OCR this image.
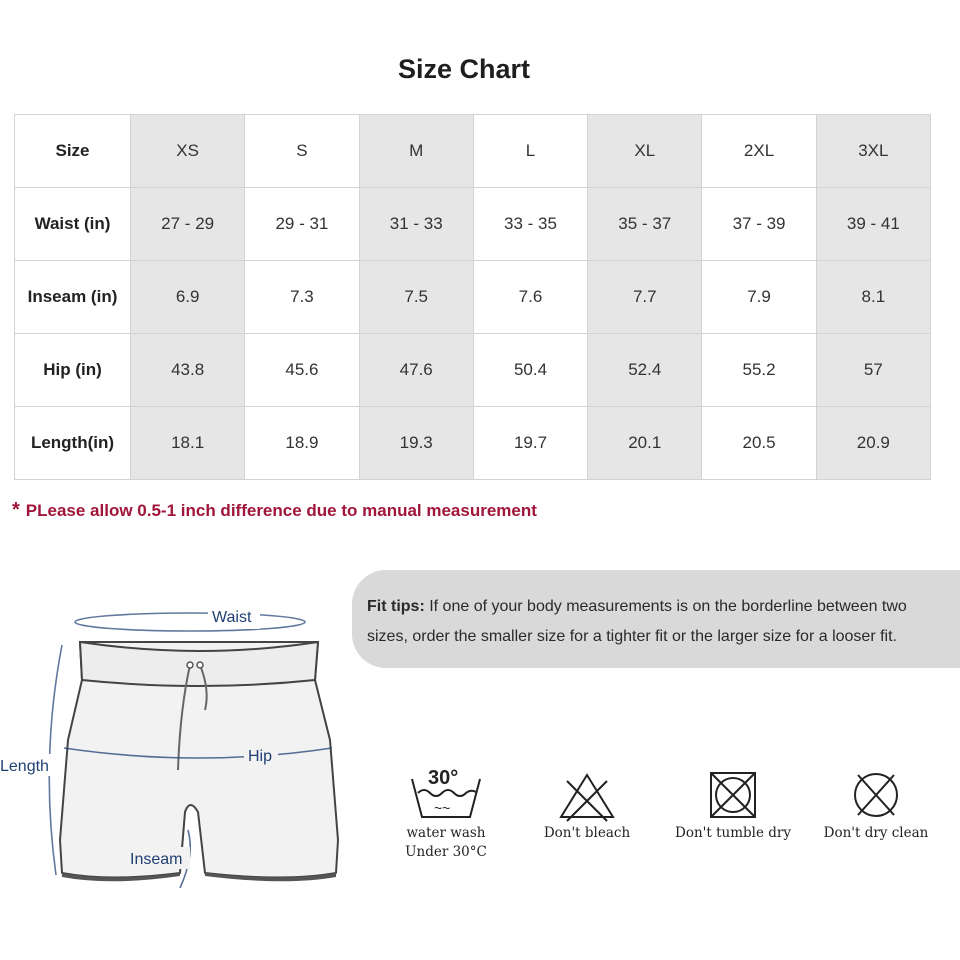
Size Chart
Size	XS	S	M	L	XL	2XL	3XL
Waist (in)	27 - 29	29 - 31	31 - 33	33 - 35	35 - 37	37 - 39	39 - 41
Inseam (in)	6.9	7.3	7.5	7.6	7.7	7.9	8.1
Hip (in)	43.8	45.6	47.6	50.4	52.4	55.2	57
Length(in)	18.1	18.9	19.3	19.7	20.1	20.5	20.9
* PLease allow 0.5-1 inch difference due to manual measurement
Fit tips: If one of your body measurements is on the borderline between two sizes, order the smaller size for a tighter fit or the larger size for a looser fit.
Waist
Hip
Length
Inseam
30°
~~
water wash
Under 30°C
Don't bleach	Don't tumble dry	Don't dry clean
